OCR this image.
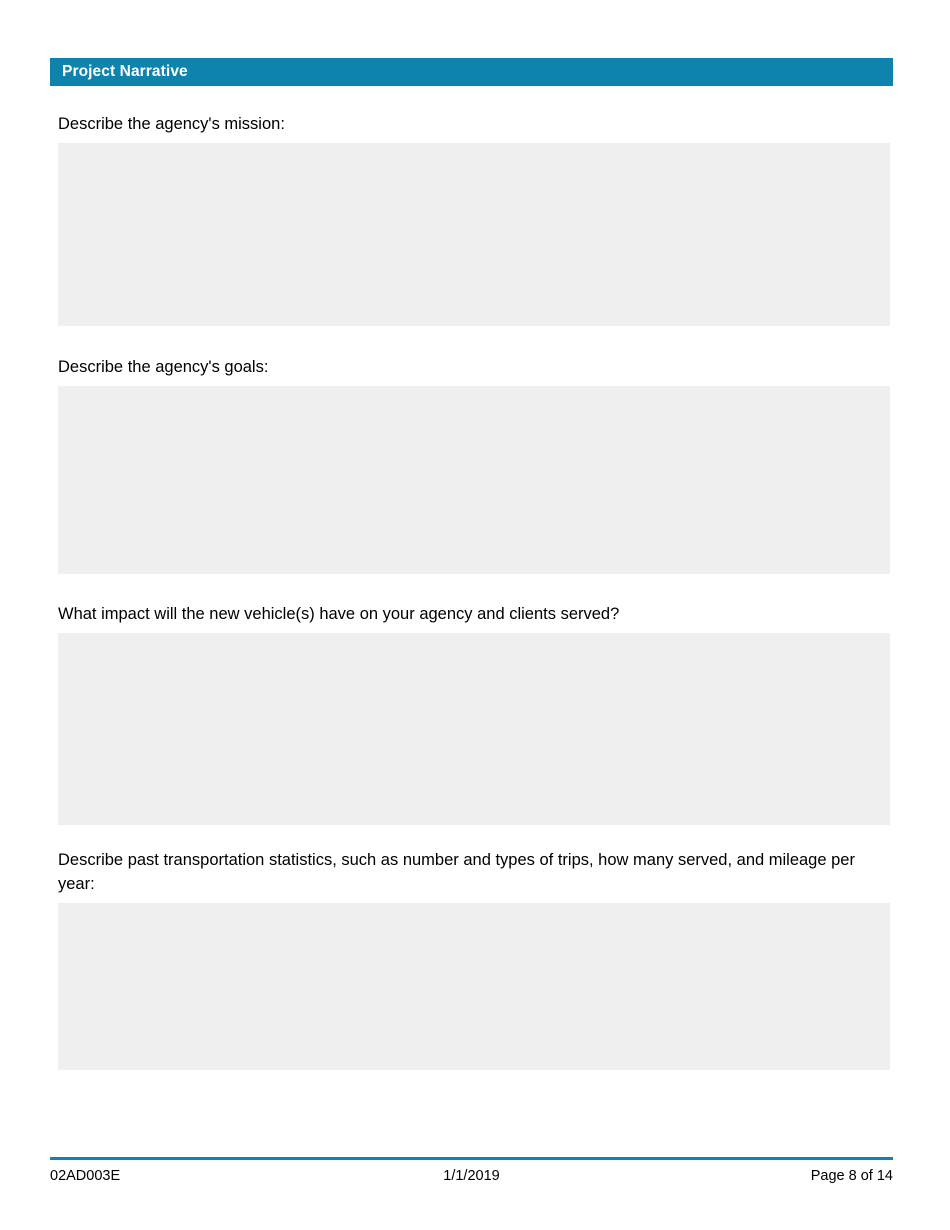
Project Narrative
Describe the agency's mission:
Describe the agency's goals:
What impact will the new vehicle(s) have on your agency and clients served?
Describe past transportation statistics, such as number and types of trips, how many served, and mileage per year:
02AD003E	1/1/2019	Page 8 of 14
